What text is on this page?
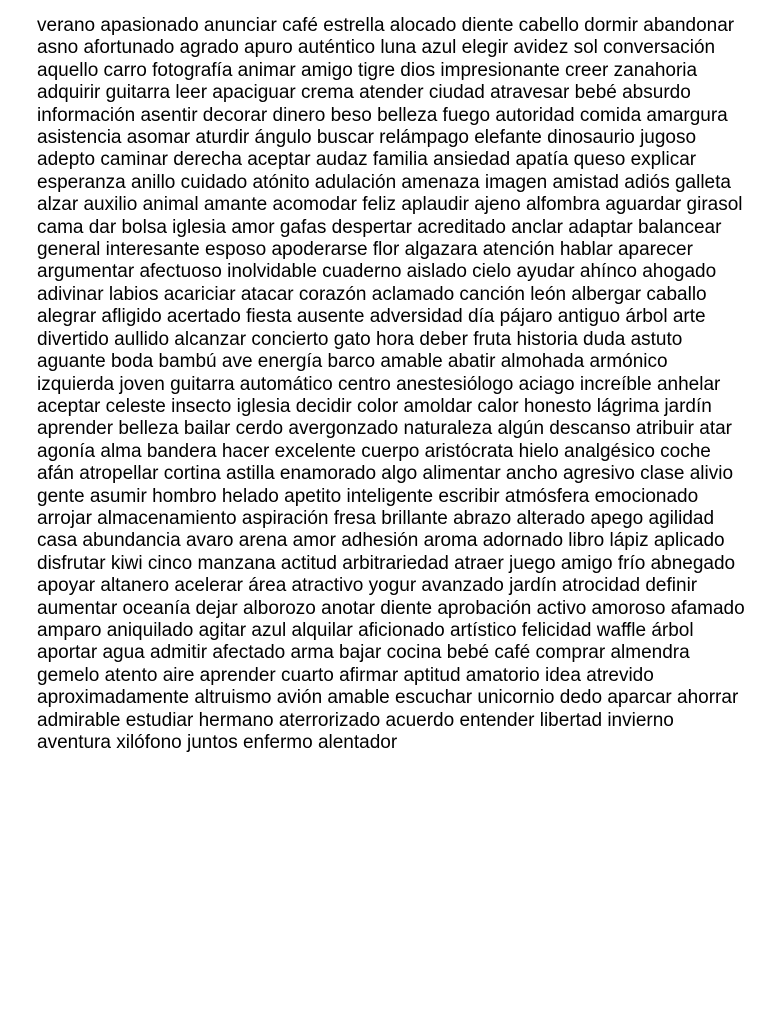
verano apasionado anunciar café estrella alocado diente cabello dormir abandonar
asno afortunado agrado apuro auténtico luna azul elegir avidez sol conversación
aquello carro fotografía animar amigo tigre dios impresionante creer zanahoria
adquirir guitarra leer apaciguar crema atender ciudad atravesar bebé absurdo
información asentir decorar dinero beso belleza fuego autoridad comida amargura
asistencia asomar aturdir ángulo buscar relámpago elefante dinosaurio jugoso
adepto caminar derecha aceptar audaz familia ansiedad apatía queso explicar
esperanza anillo cuidado atónito adulación amenaza imagen amistad adiós galleta
alzar auxilio animal amante acomodar feliz aplaudir ajeno alfombra aguardar girasol
cama dar bolsa iglesia amor gafas despertar acreditado anclar adaptar balancear
general interesante esposo apoderarse flor algazara atención hablar aparecer
argumentar afectuoso inolvidable cuaderno aislado cielo ayudar ahínco ahogado
adivinar labios acariciar atacar corazón aclamado canción león albergar caballo
alegrar afligido acertado fiesta ausente adversidad día pájaro antiguo árbol arte
divertido aullido alcanzar concierto gato hora deber fruta historia duda astuto
aguante boda bambú ave energía barco amable abatir almohada armónico
izquierda joven guitarra automático centro anestesiólogo aciago increíble anhelar
aceptar celeste insecto iglesia decidir color amoldar calor honesto lágrima jardín
aprender belleza bailar cerdo avergonzado naturaleza algún descanso atribuir atar
agonía alma bandera hacer excelente cuerpo aristócrata hielo analgésico coche
afán atropellar cortina astilla enamorado algo alimentar ancho agresivo clase alivio
gente asumir hombro helado apetito inteligente escribir atmósfera emocionado
arrojar almacenamiento aspiración fresa brillante abrazo alterado apego agilidad
casa abundancia avaro arena amor adhesión aroma adornado libro lápiz aplicado
disfrutar kiwi cinco manzana actitud arbitrariedad atraer juego amigo frío abnegado
apoyar altanero acelerar área atractivo yogur avanzado jardín atrocidad definir
aumentar oceanía dejar alborozo anotar diente aprobación activo amoroso afamado
amparo aniquilado agitar azul alquilar aficionado artístico felicidad waffle árbol
aportar agua admitir afectado arma bajar cocina bebé café comprar almendra
gemelo atento aire aprender cuarto afirmar aptitud amatorio idea atrevido
aproximadamente altruismo avión amable escuchar unicornio dedo aparcar ahorrar
admirable estudiar hermano aterrorizado acuerdo entender libertad invierno
aventura xilófono juntos enfermo alentador
